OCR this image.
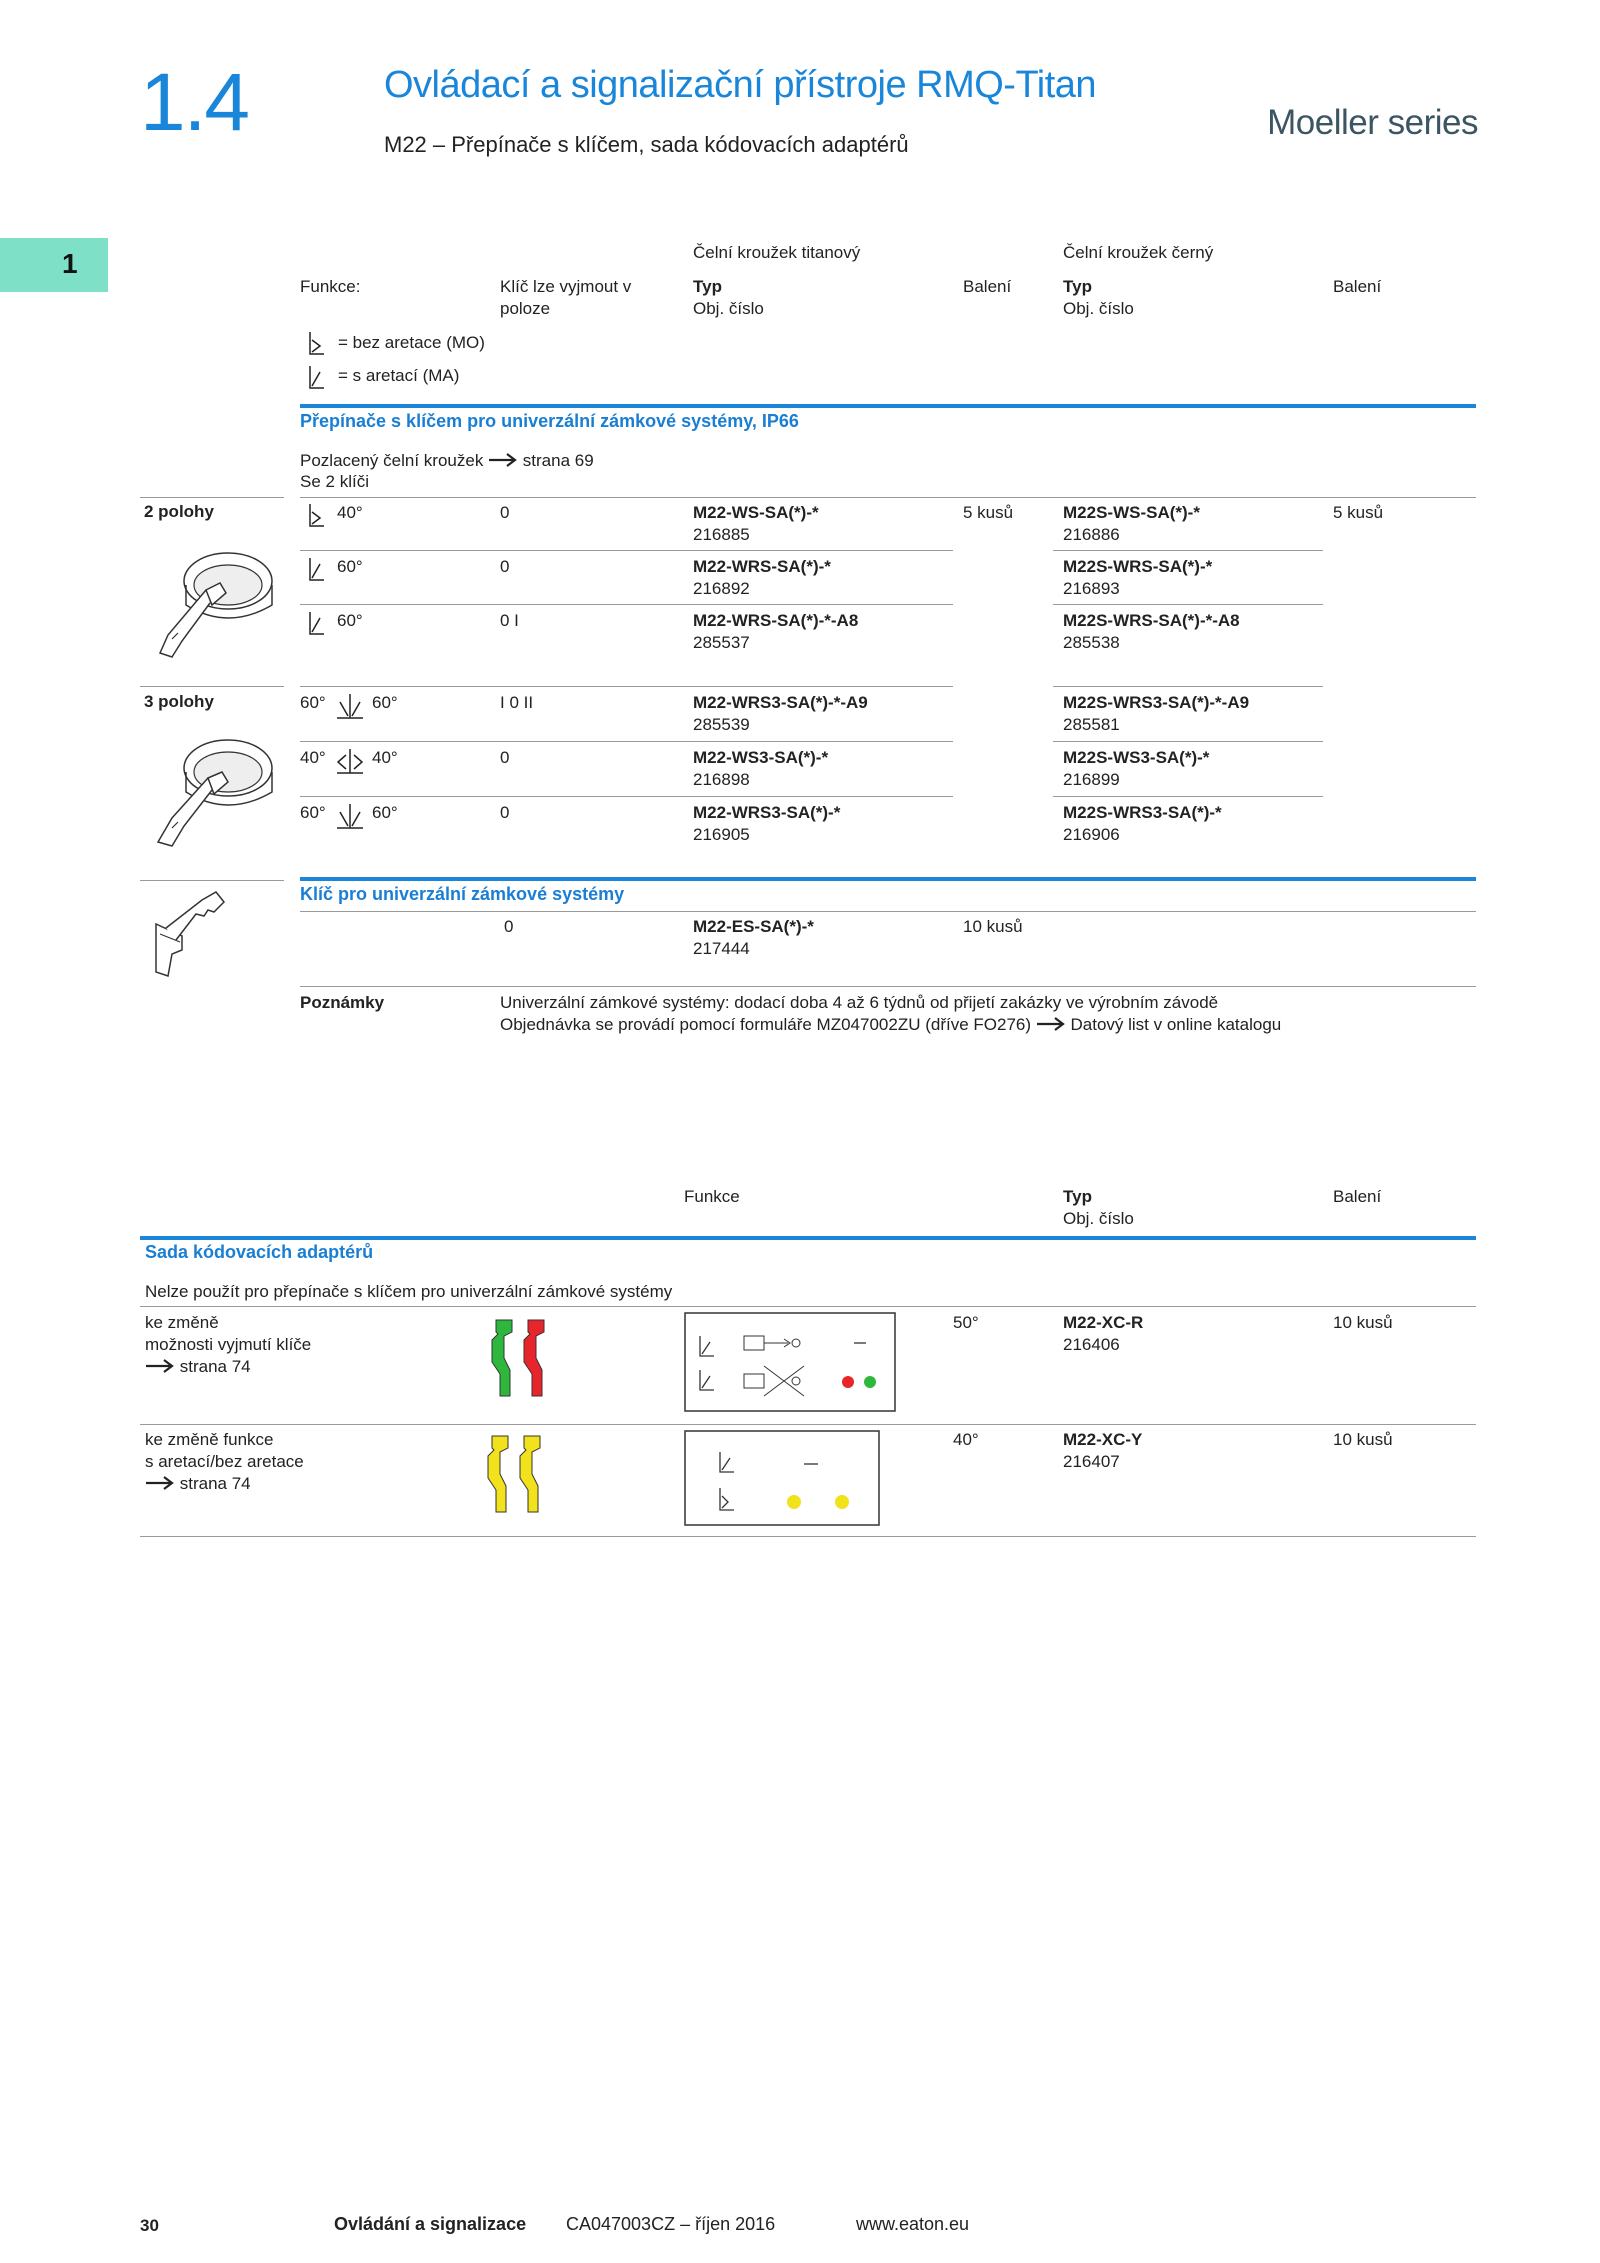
1.4	Ovládací a signalizační přístroje RMQ-Titan
M22 – Přepínače s klíčem, sada kódovacích adaptérů
Moeller series
1	Čelní kroužek titanový	Čelní kroužek černý
Funkce:	Klíč lze vyjmout v
poloze
Typ
Obj. číslo
Balení	Typ
Obj. číslo
Balení
= bez aretace (MO)
= s aretací (MA)
Přepínače s klíčem pro univerzální zámkové systémy, IP66
Pozlacený čelní kroužek strana 69
Se 2 klíči
2 polohy
3 polohy
40°	0	M22-WS-SA(*)-*
216885
5 kusů	M22S-WS-SA(*)-*
216886
5 kusů
60°	0	M22-WRS-SA(*)-*
216892
M22S-WRS-SA(*)-*
216893
60°	0 I	M22-WRS-SA(*)-*-A8
285537
M22S-WRS-SA(*)-*-A8
285538
60°	60°	I 0 II	M22-WRS3-SA(*)-*-A9
285539
M22S-WRS3-SA(*)-*-A9
285581
40°	40°	0	M22-WS3-SA(*)-*
216898
M22S-WS3-SA(*)-*
216899
60°	60°	0	M22-WRS3-SA(*)-*
216905
M22S-WRS3-SA(*)-*
216906
Klíč pro univerzální zámkové systémy
0	M22-ES-SA(*)-*
217444
10 kusů
Poznámky	Univerzální zámkové systémy: dodací doba 4 až 6 týdnů od přijetí zakázky ve výrobním závodě
Objednávka se provádí pomocí formuláře MZ047002ZU (dříve FO276) Datový list v online katalogu
Funkce	Typ
Obj. číslo
Balení
Sada kódovacích adaptérů
Nelze použít pro přepínače s klíčem pro univerzální zámkové systémy
ke změně
možnosti vyjmutí klíče
strana 74
50°	M22-XC-R
216406
10 kusů
ke změně funkce
s aretací/bez aretace
strana 74
40°	M22-XC-Y
216407
10 kusů
30	Ovládání a signalizace CA047003CZ – říjen 2016	www.eaton.eu
